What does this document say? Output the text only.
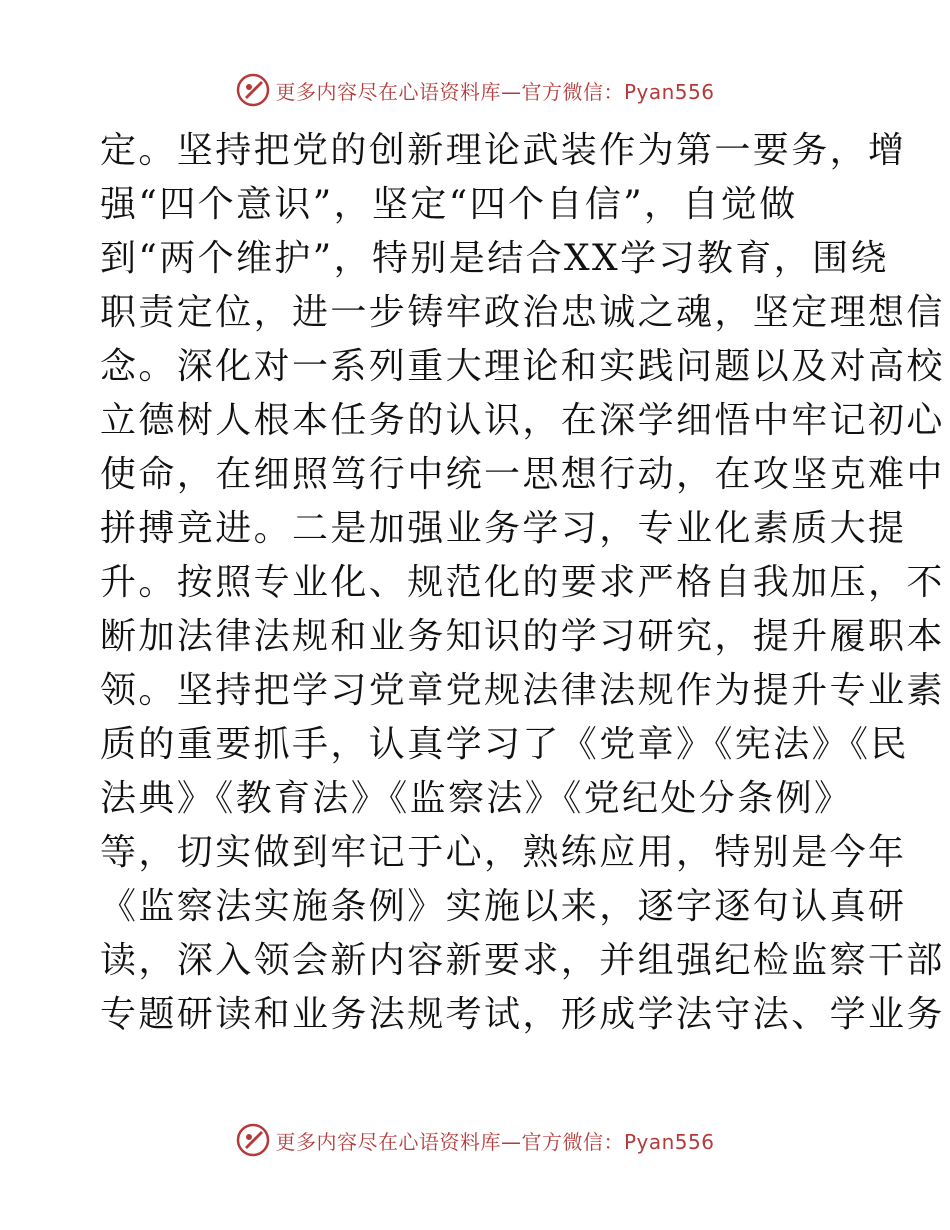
更多内容尽在心语资料库—官方微信：Pyan556
定。坚持把党的创新理论武装作为第一要务，增
强“四个意识”，坚定“四个自信”，自觉做
到“两个维护”，特别是结合XX学习教育，围绕
职责定位，进一步铸牢政治忠诚之魂，坚定理想信
念。深化对一系列重大理论和实践问题以及对高校
立德树人根本任务的认识，在深学细悟中牢记初心
使命，在细照笃行中统一思想行动，在攻坚克难中
拼搏竞进。二是加强业务学习，专业化素质大提
升。按照专业化、规范化的要求严格自我加压，不
断加法律法规和业务知识的学习研究，提升履职本
领。坚持把学习党章党规法律法规作为提升专业素
质的重要抓手，认真学习了《党章》《宪法》《民
法典》《教育法》《监察法》《党纪处分条例》
等，切实做到牢记于心，熟练应用，特别是今年
《监察法实施条例》实施以来，逐字逐句认真研
读，深入领会新内容新要求，并组强纪检监察干部
专题研读和业务法规考试，形成学法守法、学业务
更多内容尽在心语资料库—官方微信：Pyan556
